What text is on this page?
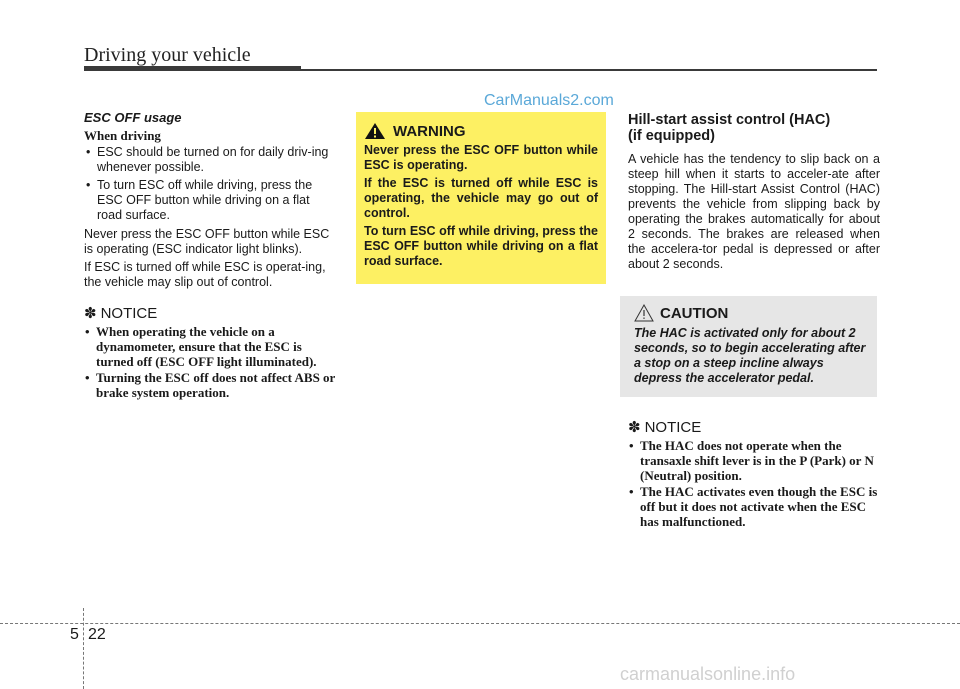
Driving your vehicle
CarManuals2.com
ESC OFF usage
When driving
• ESC should be turned on for daily driv-ing whenever possible.
• To turn ESC off while driving, press the ESC OFF button while driving on a flat road surface.

Never press the ESC OFF button while ESC is operating (ESC indicator light blinks).

If ESC is turned off while ESC is operat-ing, the vehicle may slip out of control.

✽ NOTICE
• When operating the vehicle on a dynamometer, ensure that the ESC is turned off (ESC OFF light illuminated).
• Turning the ESC off does not affect ABS or brake system operation.
WARNING

Never press the ESC OFF button while ESC is operating.

If the ESC is turned off while ESC is operating, the vehicle may go out of control.

To turn ESC off while driving, press the ESC OFF button while driving on a flat road surface.

Hill-start assist control (HAC)
(if equipped)

A vehicle has the tendency to slip back on a steep hill when it starts to acceler-ate after stopping. The Hill-start Assist Control (HAC) prevents the vehicle from slipping back by operating the brakes automatically for about 2 seconds. The brakes are released when the accelera-tor pedal is depressed or after about 2 seconds.

CAUTION

The HAC is activated only for about 2 seconds, so to begin accelerating after a stop on a steep incline always depress the accelerator pedal.

✽ NOTICE
• The HAC does not operate when the transaxle shift lever is in the P (Park) or N (Neutral) position.
• The HAC activates even though the ESC is off but it does not activate when the ESC has malfunctioned.
5 22
carmanualsonline.info
